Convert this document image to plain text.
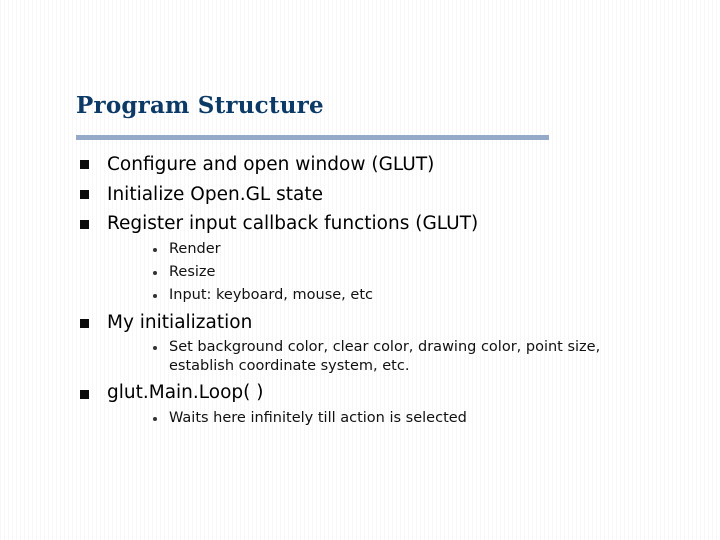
Program Structure
Configure and open window (GLUT)
Initialize Open.GL state
Register input callback functions (GLUT)
Render
Resize
Input: keyboard, mouse, etc
My initialization
Set background color, clear color, drawing color, point size,
establish coordinate system, etc.
glut.Main.Loop( )
Waits here infinitely till action is selected
